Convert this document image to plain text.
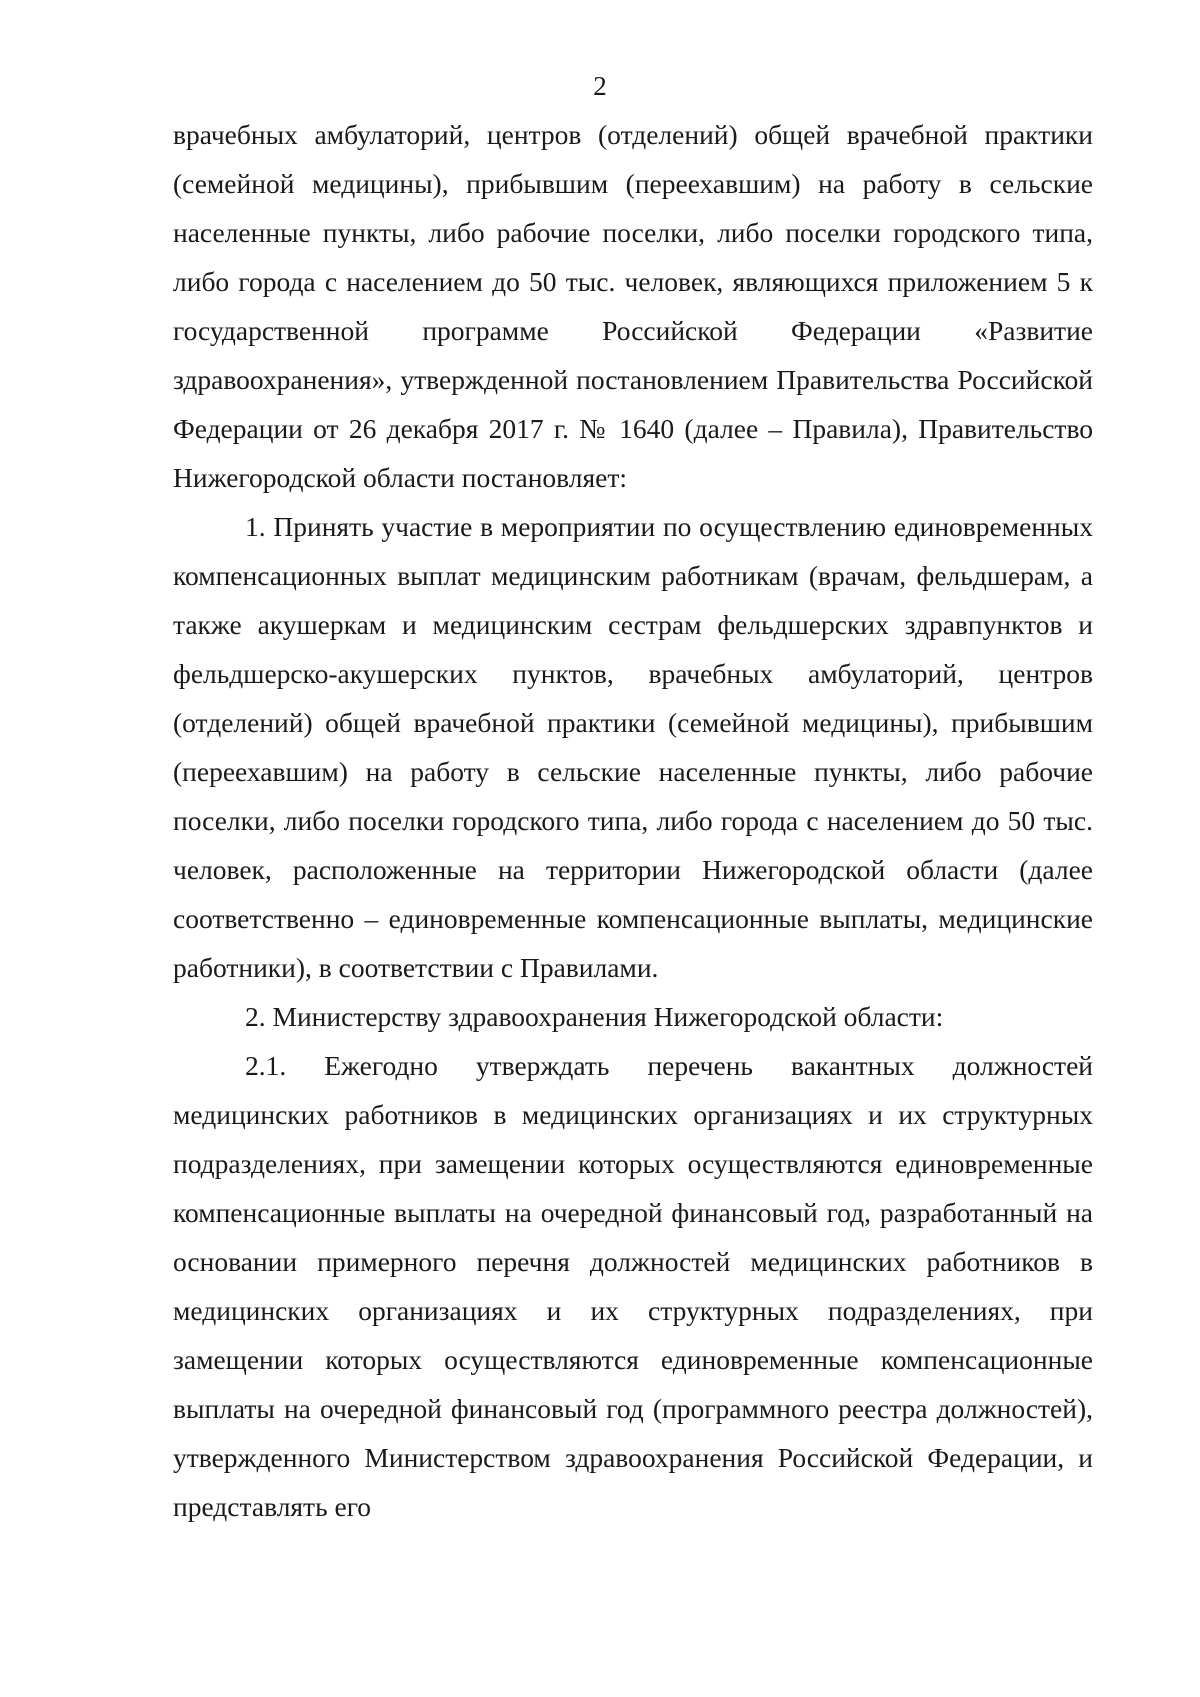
2

врачебных амбулаторий, центров (отделений) общей врачебной практики (семейной медицины), прибывшим (переехавшим) на работу в сельские населенные пункты, либо рабочие поселки, либо поселки городского типа, либо города с населением до 50 тыс. человек, являющихся приложением 5 к государственной программе Российской Федерации «Развитие здравоохранения», утвержденной постановлением Правительства Российской Федерации от 26 декабря 2017 г. № 1640 (далее – Правила), Правительство Нижегородской области постановляет:

1. Принять участие в мероприятии по осуществлению единовременных компенсационных выплат медицинским работникам (врачам, фельдшерам, а также акушеркам и медицинским сестрам фельдшерских здравпунктов и фельдшерско-акушерских пунктов, врачебных амбулаторий, центров (отделений) общей врачебной практики (семейной медицины), прибывшим (переехавшим) на работу в сельские населенные пункты, либо рабочие поселки, либо поселки городского типа, либо города с населением до 50 тыс. человек, расположенные на территории Нижегородской области (далее соответственно – единовременные компенсационные выплаты, медицинские работники), в соответствии с Правилами.

2. Министерству здравоохранения Нижегородской области:

2.1. Ежегодно утверждать перечень вакантных должностей медицинских работников в медицинских организациях и их структурных подразделениях, при замещении которых осуществляются единовременные компенсационные выплаты на очередной финансовый год, разработанный на основании примерного перечня должностей медицинских работников в медицинских организациях и их структурных подразделениях, при замещении которых осуществляются единовременные компенсационные выплаты на очередной финансовый год (программного реестра должностей), утвержденного Министерством здравоохранения Российской Федерации, и представлять его
